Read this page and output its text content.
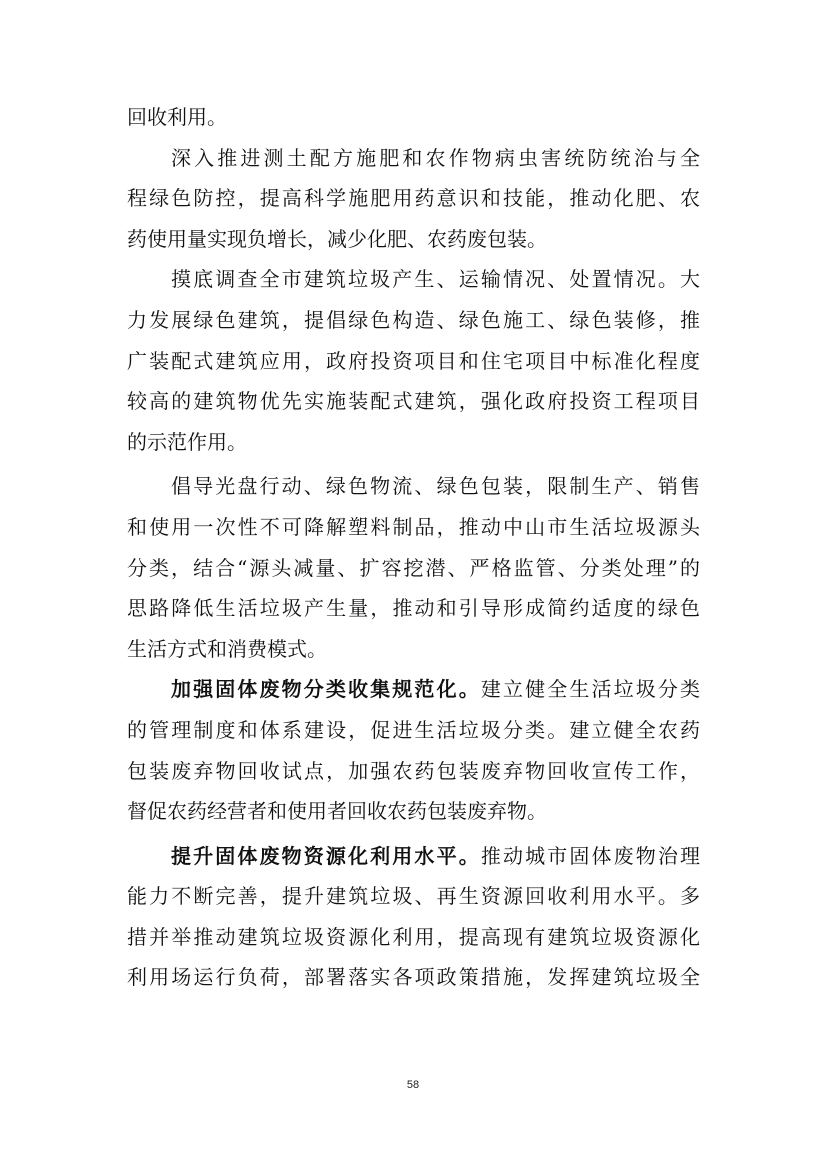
回收利用。
深入推进测土配方施肥和农作物病虫害统防统治与全
程绿色防控，提高科学施肥用药意识和技能，推动化肥、农
药使用量实现负增长，减少化肥、农药废包装。
摸底调查全市建筑垃圾产生、运输情况、处置情况。大
力发展绿色建筑，提倡绿色构造、绿色施工、绿色装修，推
广装配式建筑应用，政府投资项目和住宅项目中标准化程度
较高的建筑物优先实施装配式建筑，强化政府投资工程项目
的示范作用。
倡导光盘行动、绿色物流、绿色包装，限制生产、销售
和使用一次性不可降解塑料制品，推动中山市生活垃圾源头
分类，结合“源头减量、扩容挖潜、严格监管、分类处理”的
思路降低生活垃圾产生量，推动和引导形成简约适度的绿色
生活方式和消费模式。
加强固体废物分类收集规范化。建立健全生活垃圾分类
的管理制度和体系建设，促进生活垃圾分类。建立健全农药
包装废弃物回收试点，加强农药包装废弃物回收宣传工作，
督促农药经营者和使用者回收农药包装废弃物。
提升固体废物资源化利用水平。推动城市固体废物治理
能力不断完善，提升建筑垃圾、再生资源回收利用水平。多
措并举推动建筑垃圾资源化利用，提高现有建筑垃圾资源化
利用场运行负荷，部署落实各项政策措施，发挥建筑垃圾全
58
